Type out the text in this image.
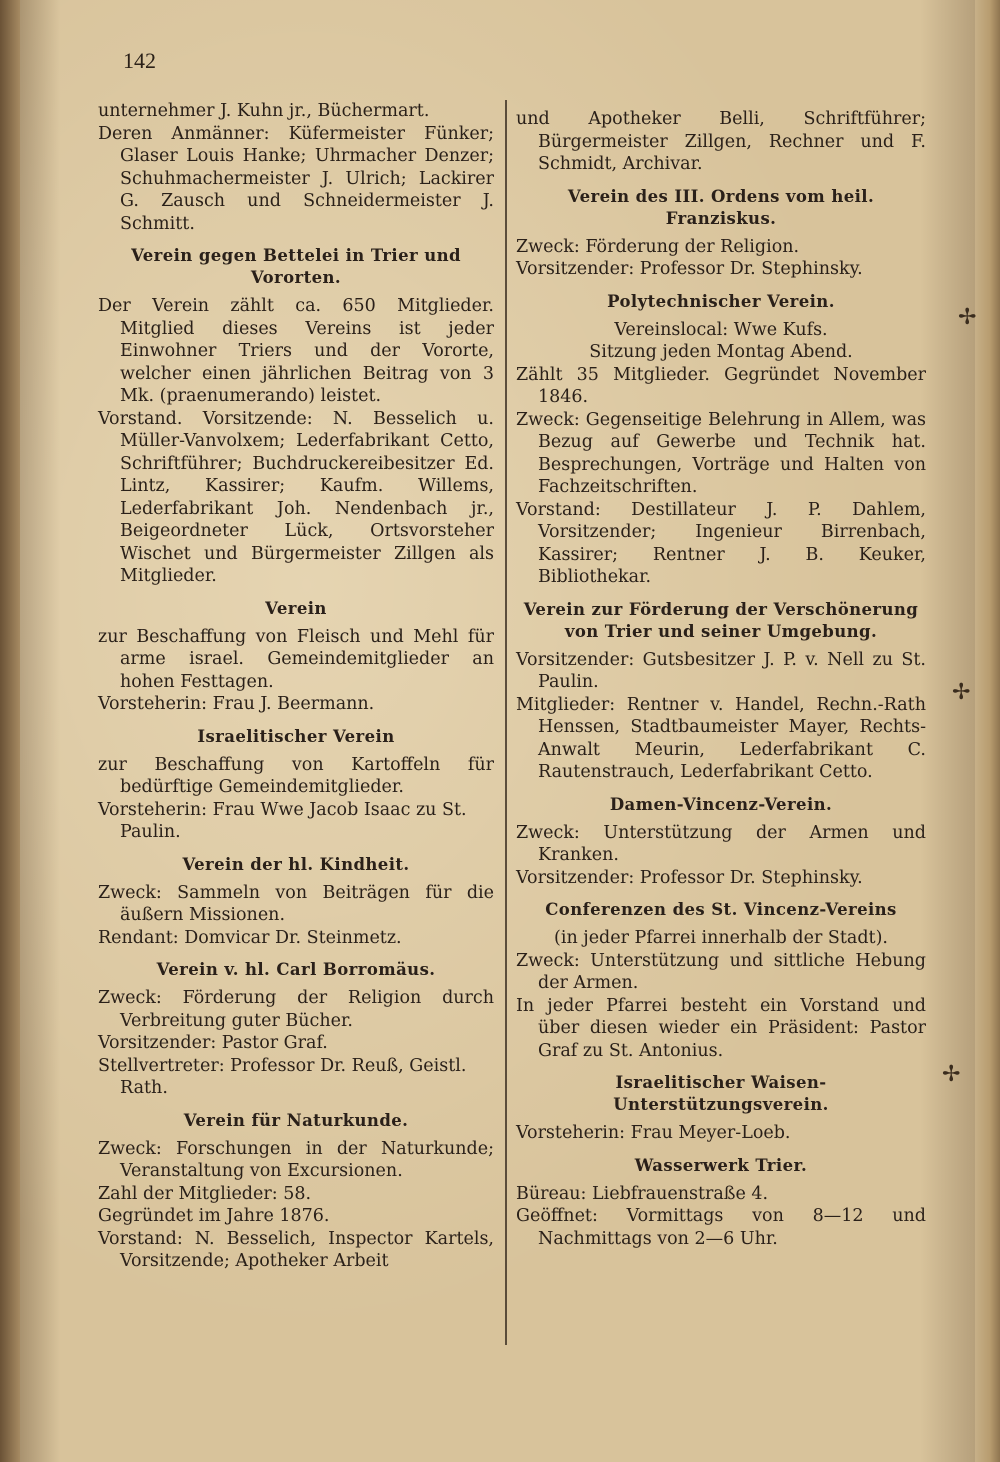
142
✢
✢
✢

unternehmer J. Kuhn jr., Büchermart.

Deren Anmänner: Küfermeister Fünker; Glaser Louis Hanke; Uhrmacher Denzer; Schuhmachermeister J. Ulrich; Lackirer G. Zausch und Schneidermeister J. Schmitt.

Verein gegen Bettelei in Trier und Vororten.

Der Verein zählt ca. 650 Mitglieder. Mitglied dieses Vereins ist jeder Einwohner Triers und der Vororte, welcher einen jährlichen Beitrag von 3 Mk. (praenumerando) leistet.

Vorstand. Vorsitzende: N. Besselich u. Müller-Vanvolxem; Lederfabrikant Cetto, Schriftführer; Buchdruckereibesitzer Ed. Lintz, Kassirer; Kaufm. Willems, Lederfabrikant Joh. Nendenbach jr., Beigeordneter Lück, Ortsvorsteher Wischet und Bürgermeister Zillgen als Mitglieder.

Verein

zur Beschaffung von Fleisch und Mehl für arme israel. Gemeindemitglieder an hohen Festtagen.

Vorsteherin: Frau J. Beermann.

Israelitischer Verein

zur Beschaffung von Kartoffeln für bedürftige Gemeindemitglieder.

Vorsteherin: Frau Wwe Jacob Isaac zu St. Paulin.

Verein der hl. Kindheit.

Zweck: Sammeln von Beiträgen für die äußern Missionen.

Rendant: Domvicar Dr. Steinmetz.

Verein v. hl. Carl Borromäus.

Zweck: Förderung der Religion durch Verbreitung guter Bücher.

Vorsitzender: Pastor Graf.

Stellvertreter: Professor Dr. Reuß, Geistl. Rath.

Verein für Naturkunde.

Zweck: Forschungen in der Naturkunde; Veranstaltung von Excursionen.

Zahl der Mitglieder: 58.

Gegründet im Jahre 1876.

Vorstand: N. Besselich, Inspector Kartels, Vorsitzende; Apotheker Arbeit

und Apotheker Belli, Schriftführer; Bürgermeister Zillgen, Rechner und F. Schmidt, Archivar.

Verein des III. Ordens vom heil. Franziskus.

Zweck: Förderung der Religion.

Vorsitzender: Professor Dr. Stephinsky.

Polytechnischer Verein.

Vereinslocal: Wwe Kufs.

Sitzung jeden Montag Abend.

Zählt 35 Mitglieder. Gegründet November 1846.

Zweck: Gegenseitige Belehrung in Allem, was Bezug auf Gewerbe und Technik hat. Besprechungen, Vorträge und Halten von Fachzeitschriften.

Vorstand: Destillateur J. P. Dahlem, Vorsitzender; Ingenieur Birrenbach, Kassirer; Rentner J. B. Keuker, Bibliothekar.

Verein zur Förderung der Verschönerung von Trier und seiner Umgebung.

Vorsitzender: Gutsbesitzer J. P. v. Nell zu St. Paulin.

Mitglieder: Rentner v. Handel, Rechn.-Rath Henssen, Stadtbaumeister Mayer, Rechts-Anwalt Meurin, Lederfabrikant C. Rautenstrauch, Lederfabrikant Cetto.

Damen-Vincenz-Verein.

Zweck: Unterstützung der Armen und Kranken.

Vorsitzender: Professor Dr. Stephinsky.

Conferenzen des St. Vincenz-Vereins

(in jeder Pfarrei innerhalb der Stadt).

Zweck: Unterstützung und sittliche Hebung der Armen.

In jeder Pfarrei besteht ein Vorstand und über diesen wieder ein Präsident: Pastor Graf zu St. Antonius.

Israelitischer Waisen-Unterstützungsverein.

Vorsteherin: Frau Meyer-Loeb.

Wasserwerk Trier.

Büreau: Liebfrauenstraße 4.

Geöffnet: Vormittags von 8—12 und Nachmittags von 2—6 Uhr.
